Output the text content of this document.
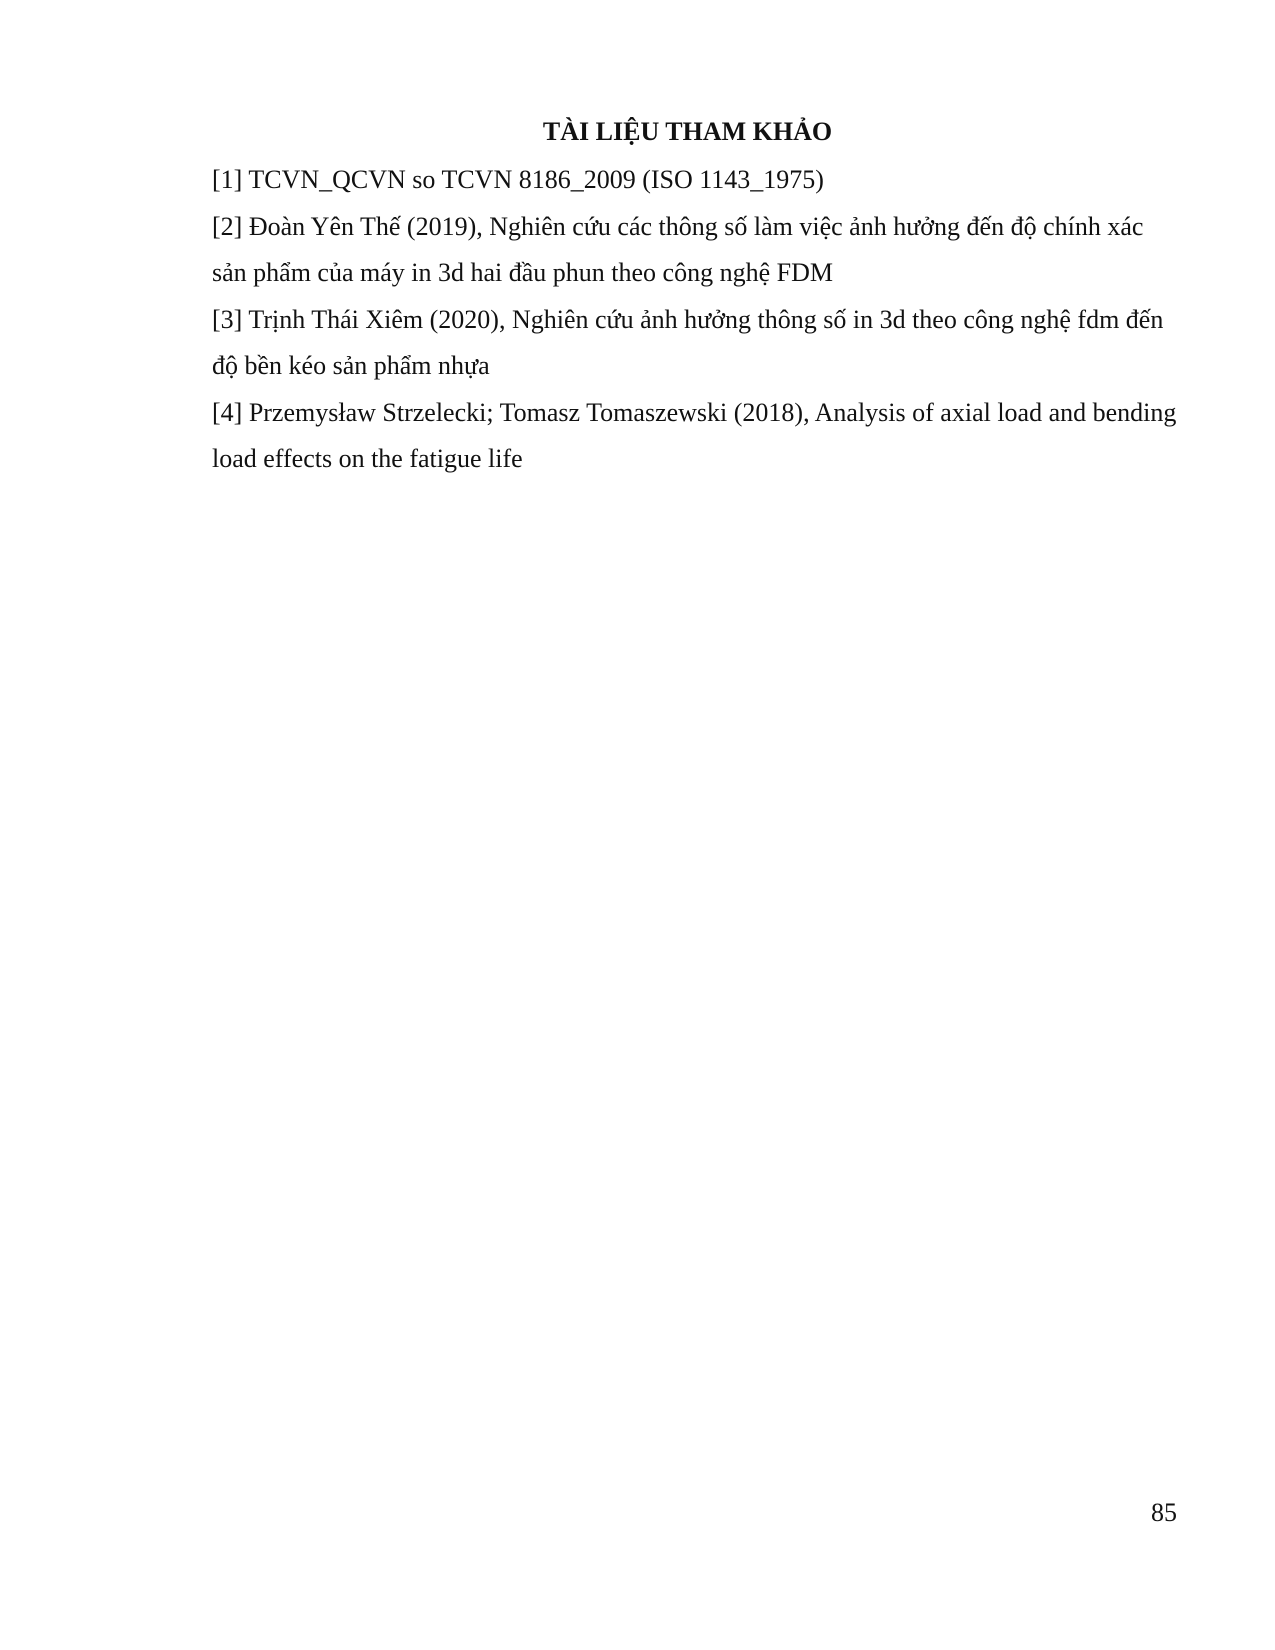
TÀI LIỆU THAM KHẢO

[1] TCVN_QCVN so TCVN 8186_2009 (ISO 1143_1975)

[2] Đoàn Yên Thế (2019), Nghiên cứu các thông số làm việc ảnh hưởng đến độ chính xác sản phẩm của máy in 3d hai đầu phun theo công nghệ FDM

[3] Trịnh Thái Xiêm (2020), Nghiên cứu ảnh hưởng thông số in 3d theo công nghệ fdm đến độ bền kéo sản phẩm nhựa

[4] Przemysław Strzelecki; Tomasz Tomaszewski (2018), Analysis of axial load and bending load effects on the fatigue life

85
